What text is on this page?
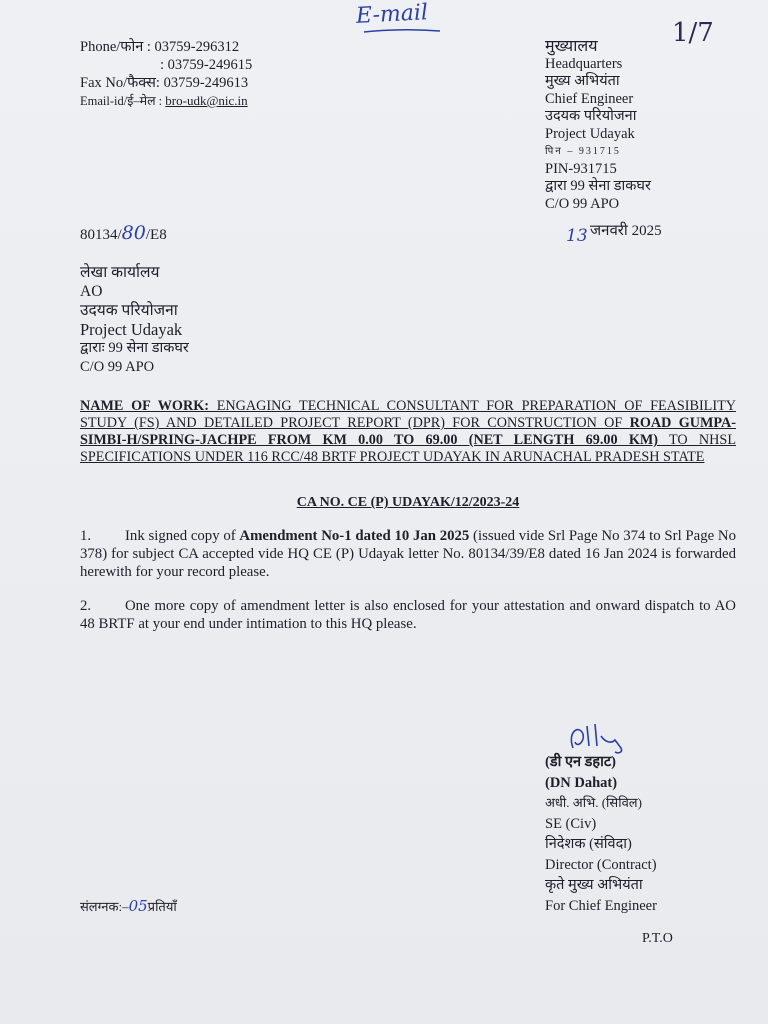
E-mail
1/7
Phone/फोन : 03759-296312
: 03759-249615
Fax No/फैक्स: 03759-249613
Email-id/ई–मेल : bro-udk@nic.in
मुख्यालय
Headquarters
मुख्य अभियंता
Chief Engineer
उदयक परियोजना
Project Udayak
पिन – 931715
PIN-931715
द्वारा 99 सेना डाकघर
C/O 99 APO
80134/80/E8	13 जनवरी 2025
लेखा कार्यालय
AO
उदयक परियोजना
Project Udayak
द्वाराः 99 सेना डाकघर
C/O 99 APO
NAME OF WORK: ENGAGING TECHNICAL CONSULTANT FOR PREPARATION OF FEASIBILITY STUDY (FS) AND DETAILED PROJECT REPORT (DPR) FOR CONSTRUCTION OF ROAD GUMPA-SIMBI-H/SPRING-JACHPE FROM KM 0.00 TO 69.00 (NET LENGTH 69.00 KM) TO NHSL SPECIFICATIONS UNDER 116 RCC/48 BRTF PROJECT UDAYAK IN ARUNACHAL PRADESH STATE
CA NO. CE (P) UDAYAK/12/2023-24
1. Ink signed copy of Amendment No-1 dated 10 Jan 2025 (issued vide Srl Page No 374 to Srl Page No 378) for subject CA accepted vide HQ CE (P) Udayak letter No. 80134/39/E8 dated 16 Jan 2024 is forwarded herewith for your record please.
2. One more copy of amendment letter is also enclosed for your attestation and onward dispatch to AO 48 BRTF at your end under intimation to this HQ please.
(डी एन डहाट)
(DN Dahat)
अधी. अभि. (सिविल)
SE (Civ)
निदेशक (संविदा)
Director (Contract)
कृते मुख्य अभियंता
For Chief Engineer
संलग्नक:–05प्रतियाँ
P.T.O
